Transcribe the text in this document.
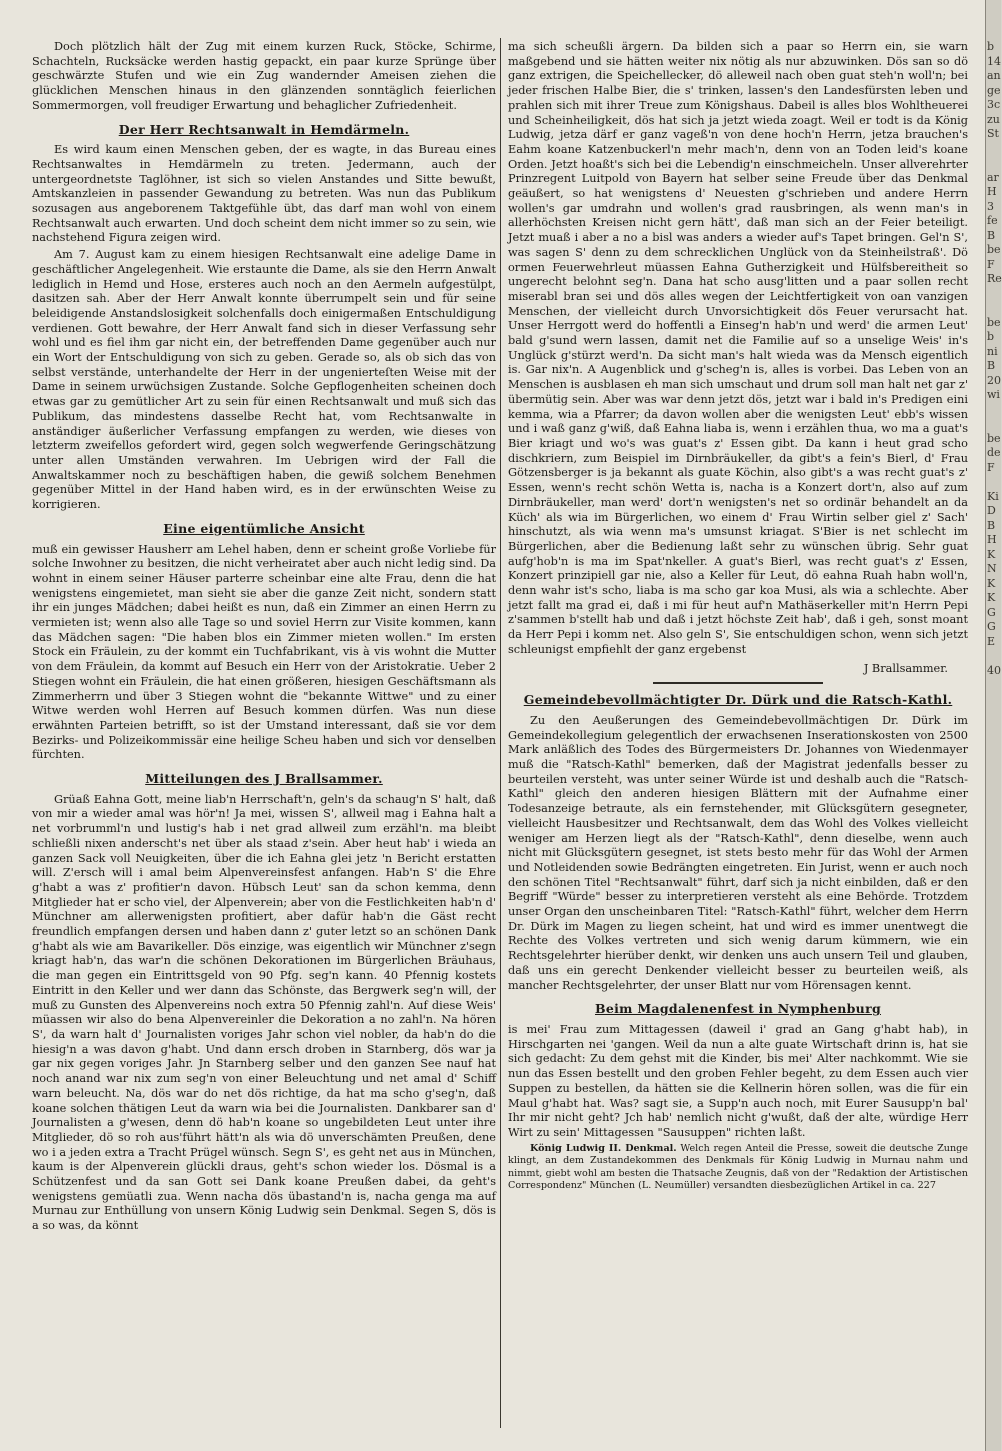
Doch plötzlich hält der Zug mit einem kurzen Ruck, Stöcke, Schirme, Schachteln, Rucksäcke werden hastig gepackt, ein paar kurze Sprünge über geschwärzte Stufen und wie ein Zug wandernder Ameisen ziehen die glücklichen Menschen hinaus in den glänzenden sonntäglich feierlichen Sommermorgen, voll freudiger Erwartung und behaglicher Zufriedenheit.

Der Herr Rechtsanwalt in Hemdärmeln.

Es wird kaum einen Menschen geben, der es wagte, in das Bureau eines Rechtsanwaltes in Hemdärmeln zu treten. Jedermann, auch der untergeordnetste Taglöhner, ist sich so vielen Anstandes und Sitte bewußt, Amtskanzleien in passender Gewandung zu betreten. Was nun das Publikum sozusagen aus angeborenem Taktgefühle übt, das darf man wohl von einem Rechtsanwalt auch erwarten. Und doch scheint dem nicht immer so zu sein, wie nachstehend Figura zeigen wird.

Am 7. August kam zu einem hiesigen Rechtsanwalt eine adelige Dame in geschäftlicher Angelegenheit. Wie erstaunte die Dame, als sie den Herrn Anwalt lediglich in Hemd und Hose, ersteres auch noch an den Aermeln aufgestülpt, dasitzen sah. Aber der Herr Anwalt konnte überrumpelt sein und für seine beleidigende Anstandslosigkeit solchenfalls doch einigermaßen Entschuldigung verdienen. Gott bewahre, der Herr Anwalt fand sich in dieser Verfassung sehr wohl und es fiel ihm gar nicht ein, der betreffenden Dame gegenüber auch nur ein Wort der Entschuldigung von sich zu geben. Gerade so, als ob sich das von selbst verstände, unterhandelte der Herr in der ungenierteſten Weise mit der Dame in seinem urwüchsigen Zustande. Solche Gepflogenheiten scheinen doch etwas gar zu gemütlicher Art zu sein für einen Rechtsanwalt und muß sich das Publikum, das mindestens dasselbe Recht hat, vom Rechtsanwalte in anständiger äußerlicher Verfassung empfangen zu werden, wie dieses von letzterm zweifellos gefordert wird, gegen solch wegwerfende Geringschätzung unter allen Umständen verwahren. Im Uebrigen wird der Fall die Anwaltskammer noch zu beschäftigen haben, die gewiß solchem Benehmen gegenüber Mittel in der Hand haben wird, es in der erwünschten Weise zu korrigieren.

Eine eigentümliche Ansicht

muß ein gewisser Hausherr am Lehel haben, denn er scheint große Vorliebe für solche Inwohner zu besitzen, die nicht verheiratet aber auch nicht ledig sind. Da wohnt in einem seiner Häuser parterre scheinbar eine alte Frau, denn die hat wenigstens eingemietet, man sieht sie aber die ganze Zeit nicht, sondern statt ihr ein junges Mädchen; dabei heißt es nun, daß ein Zimmer an einen Herrn zu vermieten ist; wenn also alle Tage so und soviel Herrn zur Visite kommen, kann das Mädchen sagen: "Die haben blos ein Zimmer mieten wollen." Im ersten Stock ein Fräulein, zu der kommt ein Tuchfabrikant, vis à vis wohnt die Mutter von dem Fräulein, da kommt auf Besuch ein Herr von der Aristokratie. Ueber 2 Stiegen wohnt ein Fräulein, die hat einen größeren, hiesigen Geschäftsmann als Zimmerherrn und über 3 Stiegen wohnt die "bekannte Wittwe" und zu einer Witwe werden wohl Herren auf Besuch kommen dürfen. Was nun diese erwähnten Parteien betrifft, so ist der Umstand interessant, daß sie vor dem Bezirks- und Polizeikommissär eine heilige Scheu haben und sich vor denselben fürchten.

Mitteilungen des J Brallsammer.

Grüaß Eahna Gott, meine liab'n Herrschaft'n, geln's da schaug'n S' halt, daß von mir a wieder amal was hör'n! Ja mei, wissen S', allweil mag i Eahna halt a net vorbrumml'n und lustig's hab i net grad allweil zum erzähl'n. ma bleibt schließli nixen anderscht's net über als staad z'sein. Aber heut hab' i wieda an ganzen Sack voll Neuigkeiten, über die ich Eahna glei jetz 'n Bericht erstatten will. Z'ersch will i amal beim Alpenvereinsfest anfangen. Hab'n S' die Ehre g'habt a was z' profitier'n davon. Hübsch Leut' san da schon kemma, denn Mitglieder hat er scho viel, der Alpenverein; aber von die Festlichkeiten hab'n d' Münchner am allerwenigsten profitiert, aber dafür hab'n die Gäst recht freundlich empfangen dersen und haben dann z' guter letzt so an schönen Dank g'habt als wie am Bavarikeller. Dös einzige, was eigentlich wir Münchner z'segn kriagt hab'n, das war'n die schönen Dekorationen im Bürgerlichen Bräuhaus, die man gegen ein Eintrittsgeld von 90 Pfg. seg'n kann. 40 Pfennig kostets Eintritt in den Keller und wer dann das Schönste, das Bergwerk seg'n will, der muß zu Gunsten des Alpenvereins noch extra 50 Pfennig zahl'n. Auf diese Weis' müassen wir also do bena Alpenvereinler die Dekoration a no zahl'n. Na hören S', da warn halt d' Journalisten voriges Jahr schon viel nobler, da hab'n do die hiesig'n a was davon g'habt. Und dann ersch droben in Starnberg, dös war ja gar nix gegen voriges Jahr. Jn Starnberg selber und den ganzen See nauf hat noch anand war nix zum seg'n von einer Beleuchtung und net amal d' Schiff warn beleucht. Na, dös war do net dös richtige, da hat ma scho g'seg'n, daß koane solchen thätigen Leut da warn wia bei die Journalisten. Dankbarer san d' Journalisten a g'wesen, denn dö hab'n koane so ungebildeten Leut unter ihre Mitglieder, dö so roh aus'führt hätt'n als wia dö unverschämten Preußen, dene wo i a jeden extra a Tracht Prügel wünsch. Segn S', es geht net aus in München, kaum is der Alpenverein glückli draus, geht's schon wieder los. Dösmal is a Schützenfest und da san Gott sei Dank koane Preußen dabei, da geht's wenigstens gemüatli zua. Wenn nacha dös übastand'n is, nacha genga ma auf Murnau zur Enthüllung von unsern König Ludwig sein Denkmal. Segen S, dös is a so was, da könnt

ma sich scheußli ärgern. Da bilden sich a paar so Herrn ein, sie warn maßgebend und sie hätten weiter nix nötig als nur abzuwinken. Dös san so dö ganz extrigen, die Speichellecker, dö alleweil nach oben guat steh'n woll'n; bei jeder frischen Halbe Bier, die s' trinken, lassen's den Landesfürsten leben und prahlen sich mit ihrer Treue zum Königshaus. Dabeil is alles blos Wohltheuerei und Scheinheiligkeit, dös hat sich ja jetzt wieda zoagt. Weil er todt is da König Ludwig, jetza därf er ganz vageß'n von dene hoch'n Herrn, jetza brauchen's Eahm koane Katzenbuckerl'n mehr mach'n, denn von an Toden leid's koane Orden. Jetzt hoaßt's sich bei die Lebendig'n einschmeicheln. Unser allverehrter Prinzregent Luitpold von Bayern hat selber seine Freude über das Denkmal geäußert, so hat wenigstens d' Neuesten g'schrieben und andere Herrn wollen's gar umdrahn und wollen's grad rausbringen, als wenn man's in allerhöchsten Kreisen nicht gern hätt', daß man sich an der Feier beteiligt. Jetzt muaß i aber a no a bisl was anders a wieder auf's Tapet bringen. Gel'n S', was sagen S' denn zu dem schrecklichen Unglück von da Steinheilstraß'. Dö ormen Feuerwehrleut müassen Eahna Gutherzigkeit und Hülfsbereitheit so ungerecht belohnt seg'n. Dana hat scho ausg'litten und a paar sollen recht miserabl bran sei und dös alles wegen der Leichtfertigkeit von oan vanzigen Menschen, der vielleicht durch Unvorsichtigkeit dös Feuer verursacht hat. Unser Herrgott werd do hoffentli a Einseg'n hab'n und werd' die armen Leut' bald g'sund wern lassen, damit net die Familie auf so a unselige Weis' in's Unglück g'stürzt werd'n. Da sicht man's halt wieda was da Mensch eigentlich is. Gar nix'n. A Augenblick und g'scheg'n is, alles is vorbei. Das Leben von an Menschen is ausblasen eh man sich umschaut und drum soll man halt net gar z' übermütig sein. Aber was war denn jetzt dös, jetzt war i bald in's Predigen eini kemma, wia a Pfarrer; da davon wollen aber die wenigsten Leut' ebb's wissen und i waß ganz g'wiß, daß Eahna liaba is, wenn i erzählen thua, wo ma a guat's Bier kriagt und wo's was guat's z' Essen gibt. Da kann i heut grad scho dischkriern, zum Beispiel im Dirnbräukeller, da gibt's a fein's Bierl, d' Frau Götzensberger is ja bekannt als guate Köchin, also gibt's a was recht guat's z' Essen, wenn's recht schön Wetta is, nacha is a Konzert dort'n, also auf zum Dirnbräukeller, man werd' dort'n wenigsten's net so ordinär behandelt an da Küch' als wia im Bürgerlichen, wo einem d' Frau Wirtin selber giel z' Sach' hinschutzt, als wia wenn ma's umsunst kriagat. S'Bier is net schlecht im Bürgerlichen, aber die Bedienung laßt sehr zu wünschen übrig. Sehr guat aufg'hob'n is ma im Spat'nkeller. A guat's Bierl, was recht guat's z' Essen, Konzert prinzipiell gar nie, also a Keller für Leut, dö eahna Ruah habn woll'n, denn wahr ist's scho, liaba is ma scho gar koa Musi, als wia a schlechte. Aber jetzt fallt ma grad ei, daß i mi für heut auf'n Mathäserkeller mit'n Herrn Pepi z'sammen b'stellt hab und daß i jetzt höchste Zeit hab', daß i geh, sonst moant da Herr Pepi i komm net. Also geln S', Sie entschuldigen schon, wenn sich jetzt schleunigst empfiehlt der ganz ergebenst

J Brallsammer.
Gemeindebevollmächtigter Dr. Dürk und die Ratsch-Kathl.

Zu den Aeußerungen des Gemeindebevollmächtigen Dr. Dürk im Gemeindekollegium gelegentlich der erwachsenen Inserationskosten von 2500 Mark anläßlich des Todes des Bürgermeisters Dr. Johannes von Wiedenmayer muß die "Ratsch-Kathl" bemerken, daß der Magistrat jedenfalls besser zu beurteilen versteht, was unter seiner Würde ist und deshalb auch die "Ratsch-Kathl" gleich den anderen hiesigen Blättern mit der Aufnahme einer Todesanzeige betraute, als ein fernstehender, mit Glücksgütern gesegneter, vielleicht Hausbesitzer und Rechtsanwalt, dem das Wohl des Volkes vielleicht weniger am Herzen liegt als der "Ratsch-Kathl", denn dieselbe, wenn auch nicht mit Glücksgütern gesegnet, ist stets besto mehr für das Wohl der Armen und Notleidenden sowie Bedrängten eingetreten. Ein Jurist, wenn er auch noch den schönen Titel "Rechtsanwalt" führt, darf sich ja nicht einbilden, daß er den Begriff "Würde" besser zu interpretieren versteht als eine Behörde. Trotzdem unser Organ den unscheinbaren Titel: "Ratsch-Kathl" führt, welcher dem Herrn Dr. Dürk im Magen zu liegen scheint, hat und wird es immer unentwegt die Rechte des Volkes vertreten und sich wenig darum kümmern, wie ein Rechtsgelehrter hierüber denkt, wir denken uns auch unsern Teil und glauben, daß uns ein gerecht Denkender vielleicht besser zu beurteilen weiß, als mancher Rechtsgelehrter, der unser Blatt nur vom Hörensagen kennt.

Beim Magdalenenfest in Nymphenburg

is mei' Frau zum Mittagessen (daweil i' grad an Gang g'habt hab), in Hirschgarten nei 'gangen. Weil da nun a alte guate Wirtschaft drinn is, hat sie sich gedacht: Zu dem gehst mit die Kinder, bis mei' Alter nachkommt. Wie sie nun das Essen bestellt und den groben Fehler begeht, zu dem Essen auch vier Suppen zu bestellen, da hätten sie die Kellnerin hören sollen, was die für ein Maul g'habt hat. Was? sagt sie, a Supp'n auch noch, mit Eurer Sausupp'n bal' Ihr mir nicht geht? Jch hab' nemlich nicht g'wußt, daß der alte, würdige Herr Wirt zu sein' Mittagessen "Sausuppen" richten laßt.

König Ludwig II. Denkmal. Welch regen Anteil die Presse, soweit die deutsche Zunge klingt, an dem Zustandekommen des Denkmals für König Ludwig in Murnau nahm und nimmt, giebt wohl am besten die Thatsache Zeugnis, daß von der "Redaktion der Artistischen Correspondenz" München (L. Neumüller) versandten diesbezüglichen Artikel in ca. 227

b
14
an
ge
3c
zu
St
ar
H
3
fe
B
be
F
Re
be
b
ni
B
20
wi
be
de
F
Ki
D
B
H
K
N
K
K
G
G
E
40
